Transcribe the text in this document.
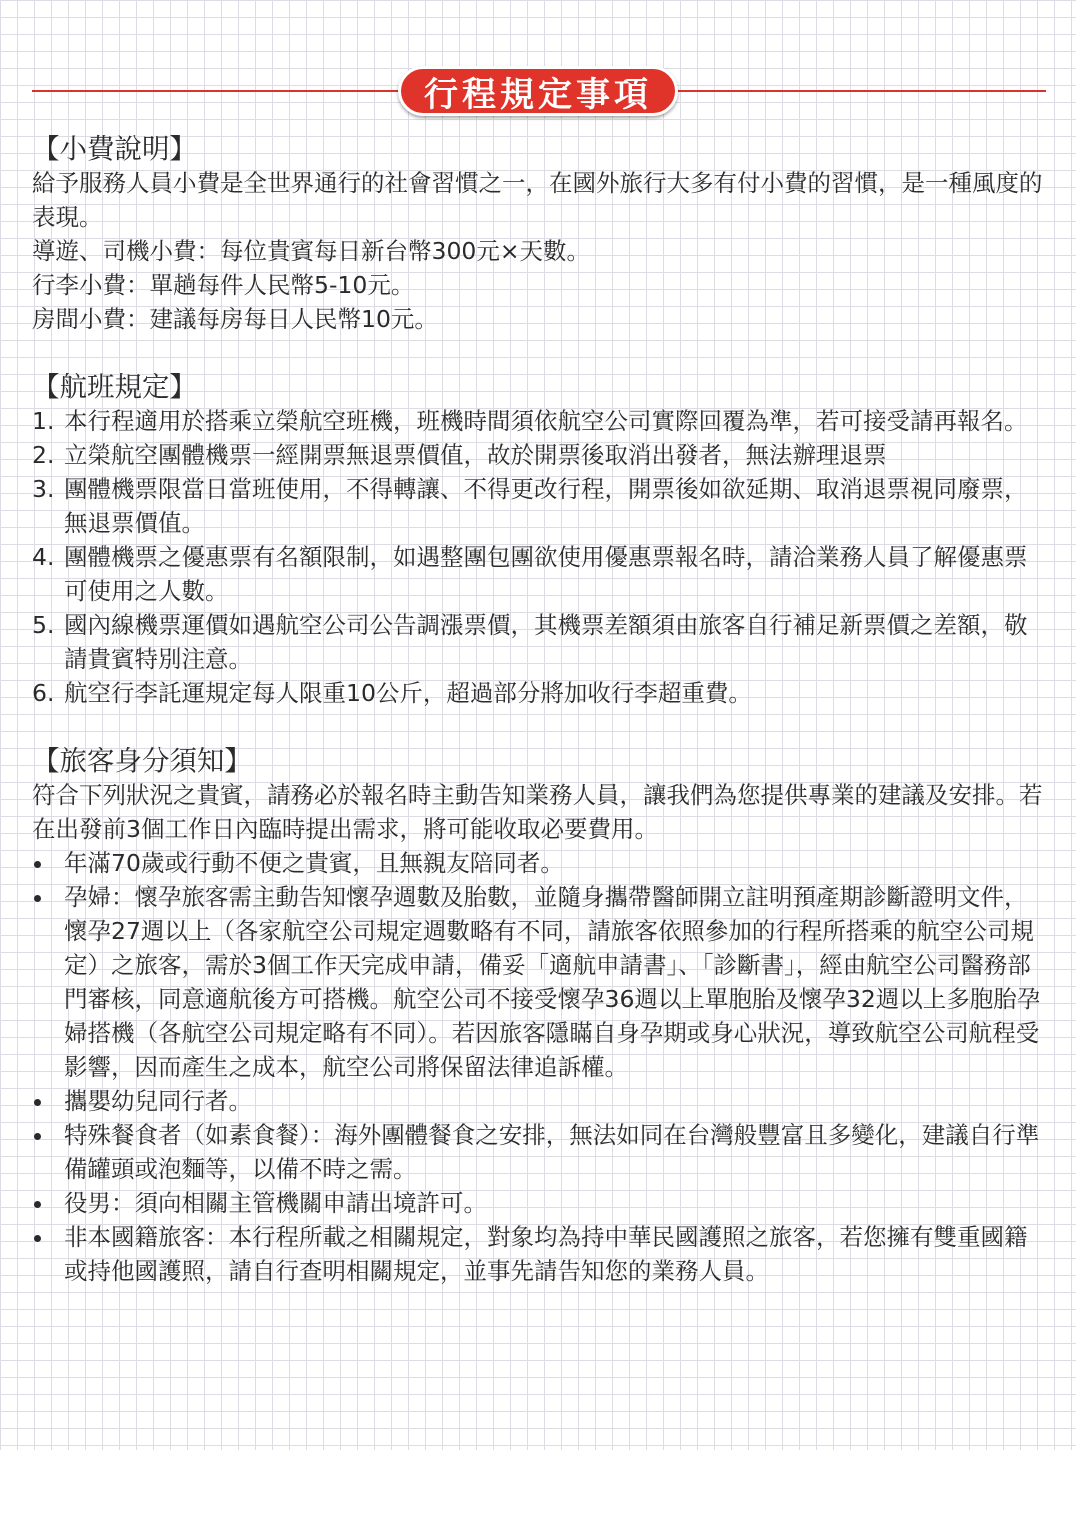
行程規定事項
【小費說明】

給予服務人員小費是全世界通行的社會習慣之一，在國外旅行大多有付小費的習慣，是一種風度的表現。

導遊、司機小費：每位貴賓每日新台幣300元×天數。

行李小費：單趟每件人民幣5-10元。

房間小費：建議每房每日人民幣10元。

【航班規定】
1. 本行程適用於搭乘立榮航空班機，班機時間須依航空公司實際回覆為準，若可接受請再報名。
2. 立榮航空團體機票一經開票無退票價值，故於開票後取消出發者，無法辦理退票
3. 團體機票限當日當班使用，不得轉讓、不得更改行程，開票後如欲延期、取消退票視同廢票，無退票價值。
4. 團體機票之優惠票有名額限制，如遇整團包團欲使用優惠票報名時，請洽業務人員了解優惠票可使用之人數。
5. 國內線機票運價如遇航空公司公告調漲票價，其機票差額須由旅客自行補足新票價之差額，敬請貴賓特別注意。
6. 航空行李託運規定每人限重10公斤，超過部分將加收行李超重費。
【旅客身分須知】

符合下列狀況之貴賓，請務必於報名時主動告知業務人員，讓我們為您提供專業的建議及安排。若在出發前3個工作日內臨時提出需求，將可能收取必要費用。

年滿70歲或行動不便之貴賓，且無親友陪同者。
孕婦：懷孕旅客需主動告知懷孕週數及胎數，並隨身攜帶醫師開立註明預產期診斷證明文件，懷孕27週以上（各家航空公司規定週數略有不同，請旅客依照參加的行程所搭乘的航空公司規定）之旅客，需於3個工作天完成申請，備妥「適航申請書」、「診斷書」，經由航空公司醫務部門審核，同意適航後方可搭機。航空公司不接受懷孕36週以上單胞胎及懷孕32週以上多胞胎孕婦搭機（各航空公司規定略有不同）。若因旅客隱瞞自身孕期或身心狀況，導致航空公司航程受影響，因而產生之成本，航空公司將保留法律追訴權。
攜嬰幼兒同行者。
特殊餐食者（如素食餐）：海外團體餐食之安排，無法如同在台灣般豐富且多變化，建議自行準備罐頭或泡麵等，以備不時之需。
役男：須向相關主管機關申請出境許可。
非本國籍旅客：本行程所載之相關規定，對象均為持中華民國護照之旅客，若您擁有雙重國籍或持他國護照，請自行查明相關規定，並事先請告知您的業務人員。
